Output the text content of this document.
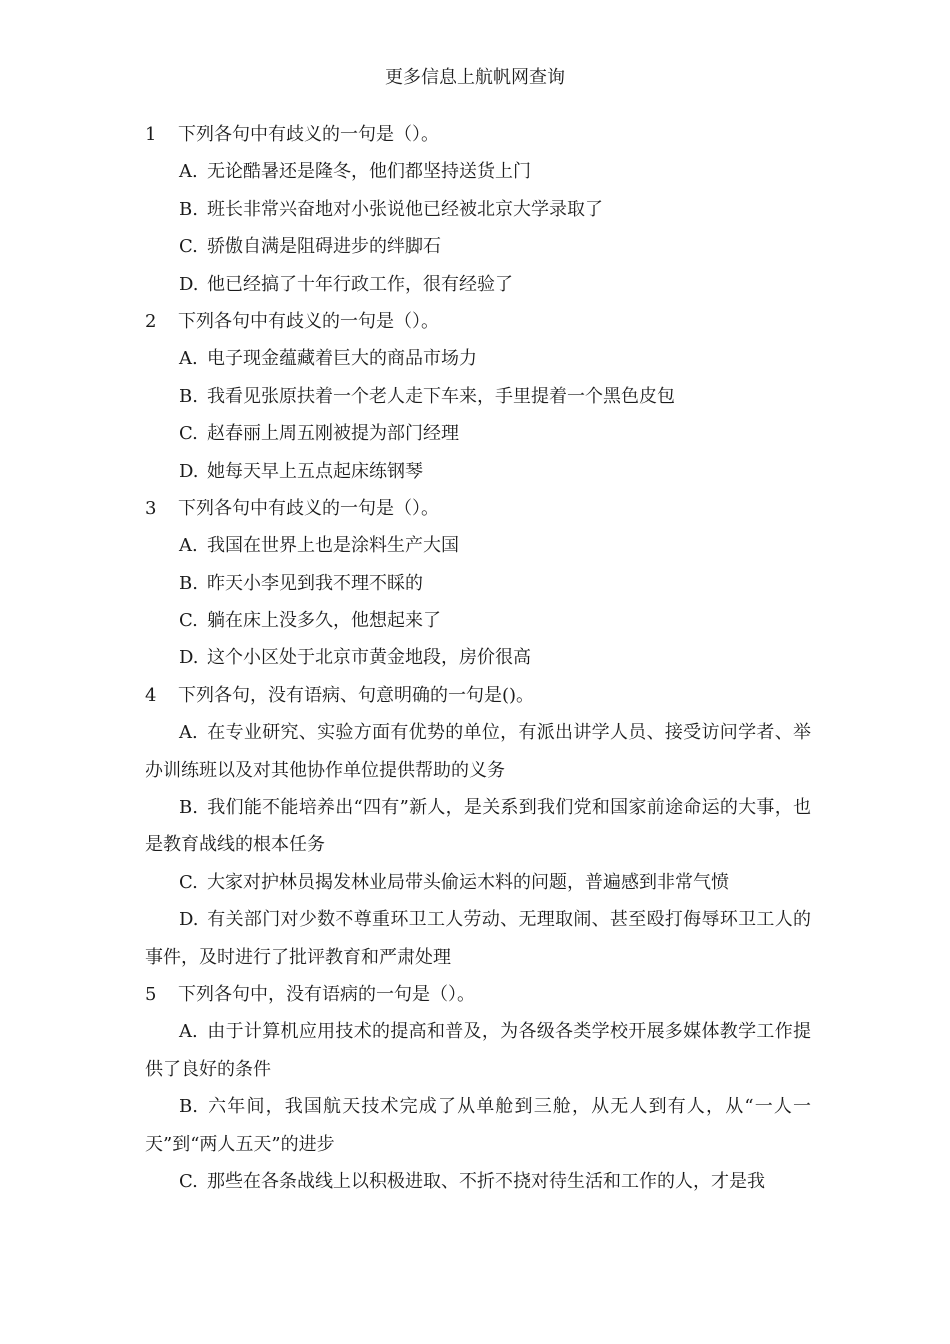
更多信息上航帆网查询
1 下列各句中有歧义的一句是（）。
A. 无论酷暑还是隆冬，他们都坚持送货上门
B. 班长非常兴奋地对小张说他已经被北京大学录取了
C. 骄傲自满是阻碍进步的绊脚石
D. 他已经搞了十年行政工作，很有经验了
2 下列各句中有歧义的一句是（）。
A. 电子现金蕴藏着巨大的商品市场力
B. 我看见张原扶着一个老人走下车来，手里提着一个黑色皮包
C. 赵春丽上周五刚被提为部门经理
D. 她每天早上五点起床练钢琴
3 下列各句中有歧义的一句是（）。
A. 我国在世界上也是涂料生产大国
B. 昨天小李见到我不理不睬的
C. 躺在床上没多久，他想起来了
D. 这个小区处于北京市黄金地段，房价很高
4 下列各句，没有语病、句意明确的一句是()。
A. 在专业研究、实验方面有优势的单位，有派出讲学人员、接受访问学者、举办训练班以及对其他协作单位提供帮助的义务
B. 我们能不能培养出“四有”新人，是关系到我们党和国家前途命运的大事，也是教育战线的根本任务
C. 大家对护林员揭发林业局带头偷运木料的问题，普遍感到非常气愤
D. 有关部门对少数不尊重环卫工人劳动、无理取闹、甚至殴打侮辱环卫工人的事件，及时进行了批评教育和严肃处理
5 下列各句中，没有语病的一句是（）。
A. 由于计算机应用技术的提高和普及，为各级各类学校开展多媒体教学工作提供了良好的条件
B. 六年间，我国航天技术完成了从单舱到三舱，从无人到有人，从“一人一天”到“两人五天”的进步
C. 那些在各条战线上以积极进取、不折不挠对待生活和工作的人，才是我
